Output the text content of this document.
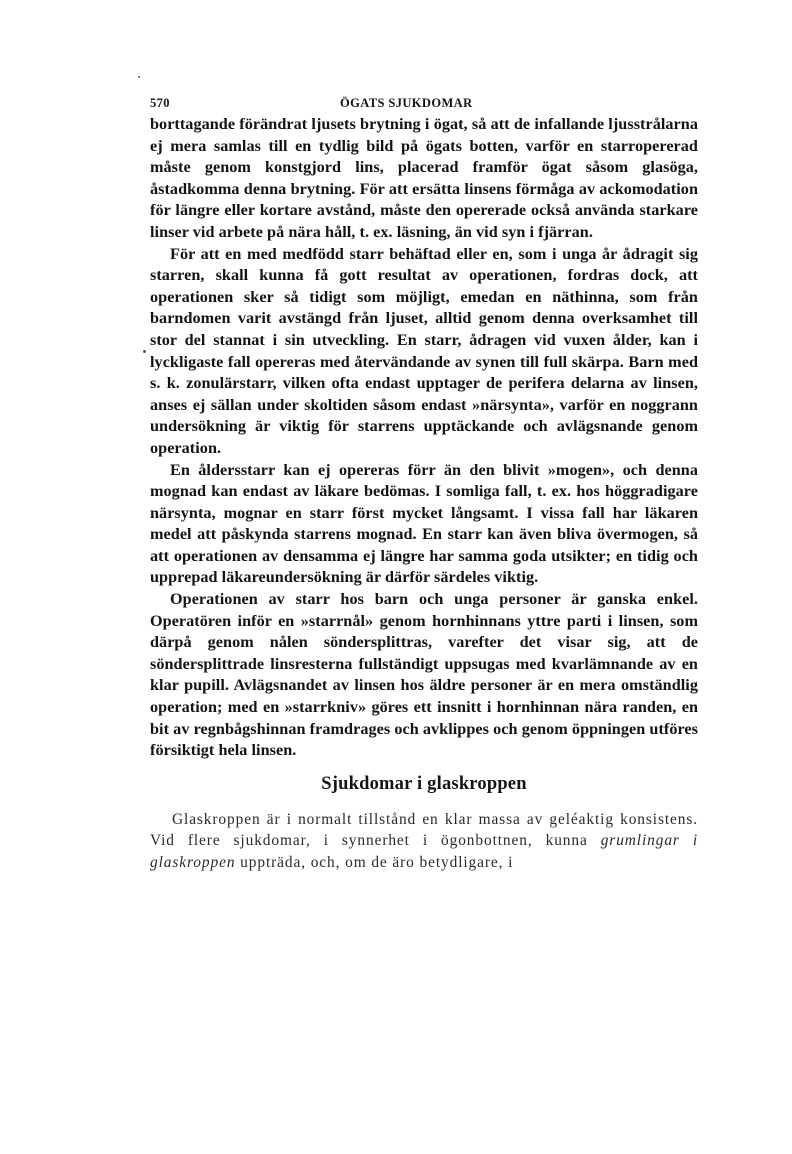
570	ÖGATS SJUKDOMAR

borttagande förändrat ljusets brytning i ögat, så att de infallande ljusstrålarna ej mera samlas till en tydlig bild på ögats botten, varför en starropererad måste genom konstgjord lins, placerad framför ögat såsom glasöga, åstadkomma denna brytning. För att ersätta linsens förmåga av ackomodation för längre eller kortare avstånd, måste den opererade också använda starkare linser vid arbete på nära håll, t. ex. läsning, än vid syn i fjärran.

För att en med medfödd starr behäftad eller en, som i unga år ådragit sig starren, skall kunna få gott resultat av operationen, fordras dock, att operationen sker så tidigt som möjligt, emedan en näthinna, som från barndomen varit avstängd från ljuset, alltid genom denna overksamhet till stor del stannat i sin utveckling. En starr, ådragen vid vuxen ålder, kan i lyckligaste fall opereras med återvändande av synen till full skärpa. Barn med s. k. zonulärstarr, vilken ofta endast upptager de perifera delarna av linsen, anses ej sällan under skoltiden såsom endast »närsynta», varför en noggrann undersökning är viktig för starrens upptäckande och avlägsnande genom operation.

En åldersstarr kan ej opereras förr än den blivit »mogen», och denna mognad kan endast av läkare bedömas. I somliga fall, t. ex. hos höggradigare närsynta, mognar en starr först mycket långsamt. I vissa fall har läkaren medel att påskynda starrens mognad. En starr kan även bliva övermogen, så att operationen av densamma ej längre har samma goda utsikter; en tidig och upprepad läkareundersökning är därför särdeles viktig.

Operationen av starr hos barn och unga personer är ganska enkel. Operatören inför en »starrnål» genom hornhinnans yttre parti i linsen, som därpå genom nålen söndersplittras, varefter det visar sig, att de söndersplittrade linsresterna fullständigt uppsugas med kvarlämnande av en klar pupill. Avlägsnandet av linsen hos äldre personer är en mera omständlig operation; med en »starrkniv» göres ett insnitt i hornhinnan nära randen, en bit av regnbågshinnan framdrages och avklippes och genom öppningen utföres försiktigt hela linsen.

Sjukdomar i glaskroppen

Glaskroppen är i normalt tillstånd en klar massa av geléaktig konsistens. Vid flere sjukdomar, i synnerhet i ögonbottnen, kunna grumlingar i glaskroppen uppträda, och, om de äro betydligare, i
